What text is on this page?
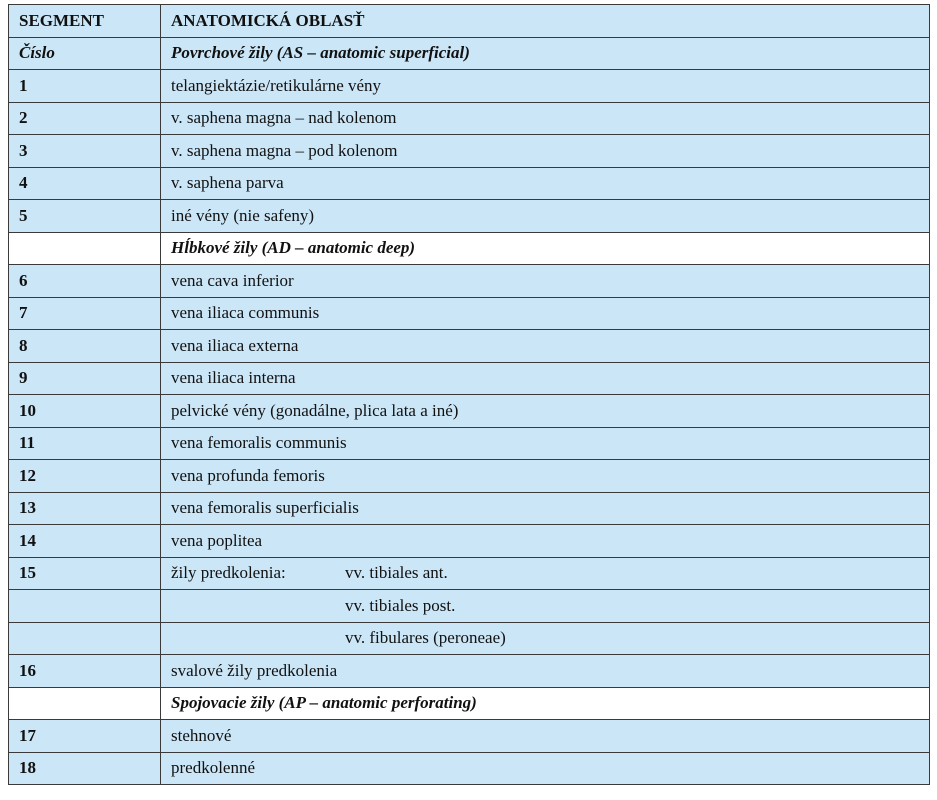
SEGMENT	ANATOMICKÁ OBLASŤ
Číslo	Povrchové žily (AS – anatomic superficial)
1	telangiektázie/retikulárne vény
2	v. saphena magna – nad kolenom
3	v. saphena magna – pod kolenom
4	v. saphena parva
5	iné vény (nie safeny)
	Hĺbkové žily (AD – anatomic deep)
6	vena cava inferior
7	vena iliaca communis
8	vena iliaca externa
9	vena iliaca interna
10	pelvické vény (gonadálne, plica lata a iné)
11	vena femoralis communis
12	vena profunda femoris
13	vena femoralis superficialis
14	vena poplitea
15	žily predkolenia: vv. tibiales ant.
	vv. tibiales post.
	vv. fibulares (peroneae)
16	svalové žily predkolenia
	Spojovacie žily (AP – anatomic perforating)
17	stehnové
18	predkolenné
